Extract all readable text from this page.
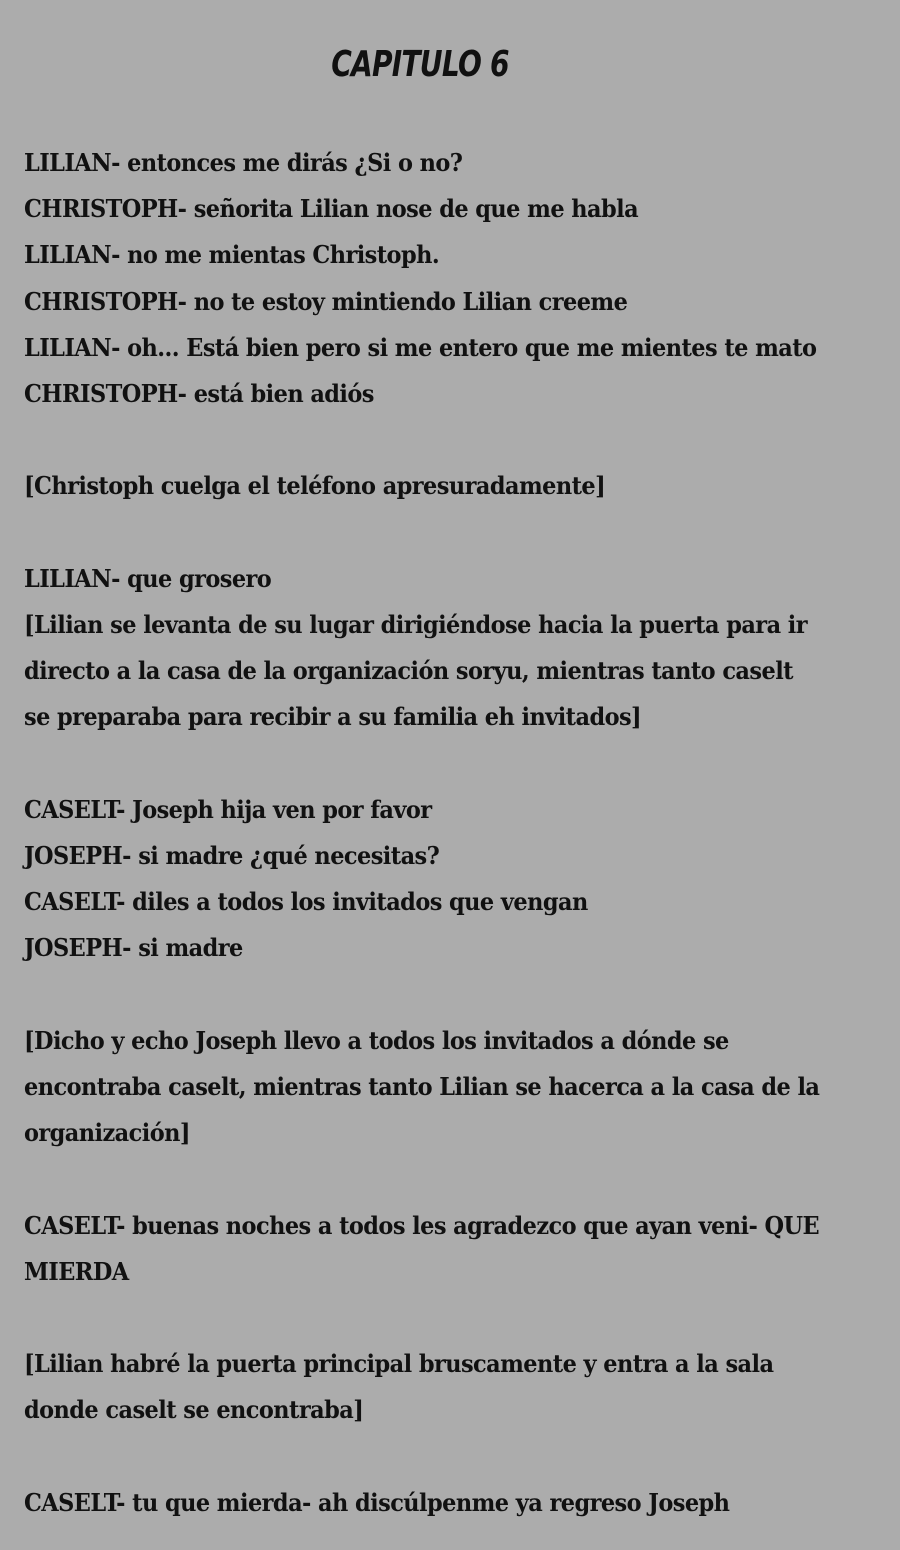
CAPITULO 6

LILIAN- entonces me dirás ¿Si o no?

CHRISTOPH- señorita Lilian nose de que me habla

LILIAN- no me mientas Christoph.

CHRISTOPH- no te estoy mintiendo Lilian creeme

LILIAN- oh... Está bien pero si me entero que me mientes te mato

CHRISTOPH- está bien adiós

[Christoph cuelga el teléfono apresuradamente]

LILIAN- que grosero

[Lilian se levanta de su lugar dirigiéndose hacia la puerta para ir

directo a la casa de la organización soryu, mientras tanto caselt

se preparaba para recibir a su familia eh invitados]

CASELT- Joseph hija ven por favor

JOSEPH- si madre ¿qué necesitas?

CASELT- diles a todos los invitados que vengan

JOSEPH- si madre

[Dicho y echo Joseph llevo a todos los invitados a dónde se

encontraba caselt, mientras tanto Lilian se hacerca a la casa de la

organización]

CASELT- buenas noches a todos les agradezco que ayan veni- QUE

MIERDA

[Lilian habré la puerta principal bruscamente y entra a la sala

donde caselt se encontraba]

CASELT- tu que mierda- ah discúlpenme ya regreso Joseph
